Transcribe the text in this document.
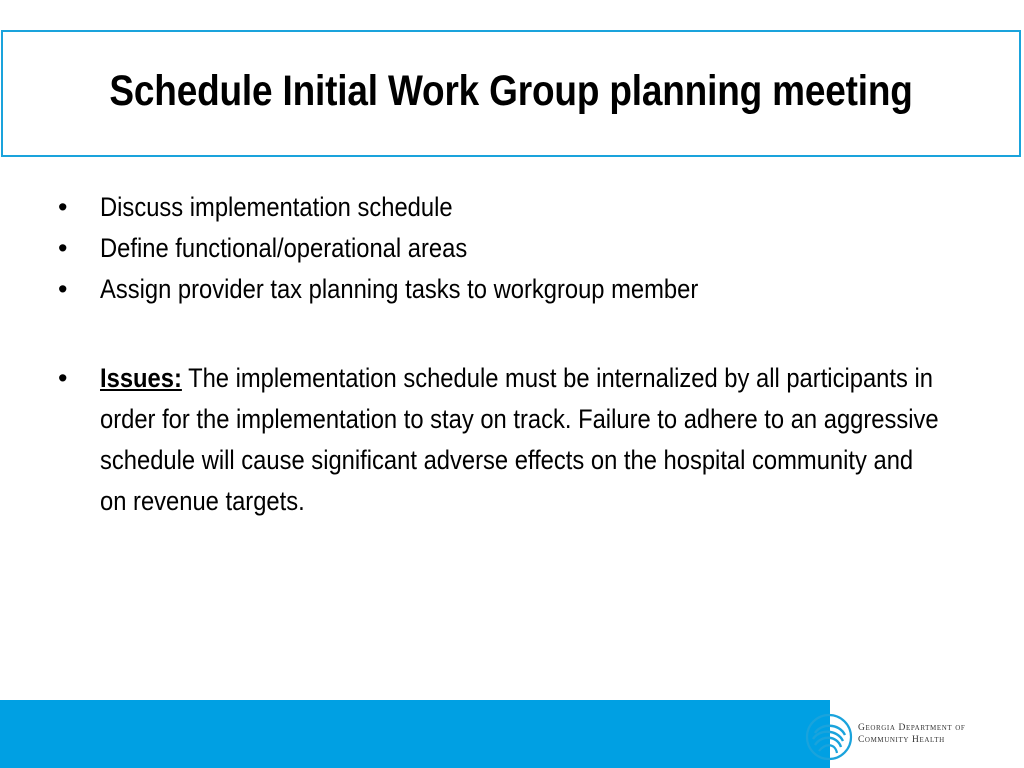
Schedule Initial Work Group planning meeting
• Discuss implementation schedule
• Define functional/operational areas
• Assign provider tax planning tasks to workgroup member
• Issues: The implementation schedule must be internalized by all participants in order for the implementation to stay on track. Failure to adhere to an aggressive schedule will cause significant adverse effects on the hospital community and on revenue targets.
Georgia Department of
Community Health
